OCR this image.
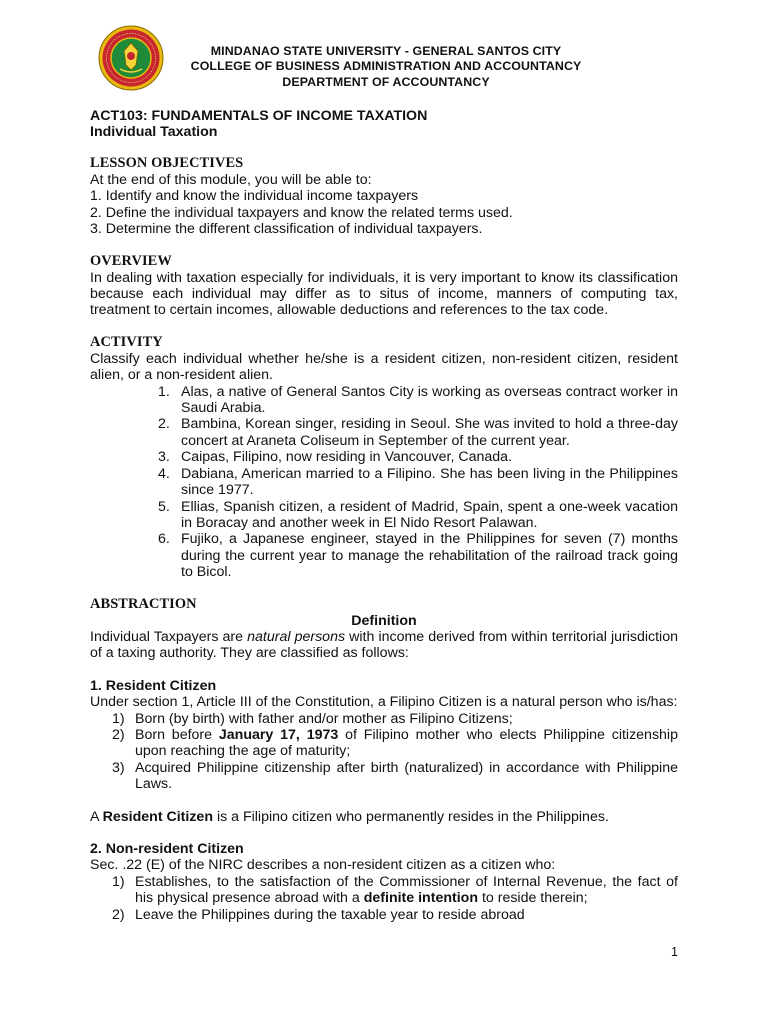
MINDANAO STATE UNIVERSITY - GENERAL SANTOS CITY
COLLEGE OF BUSINESS ADMINISTRATION AND ACCOUNTANCY
DEPARTMENT OF ACCOUNTANCY

ACT103: FUNDAMENTALS OF INCOME TAXATION

Individual Taxation

LESSON OBJECTIVES

At the end of this module, you will be able to:

1. Identify and know the individual income taxpayers

2. Define the individual taxpayers and know the related terms used.

3. Determine the different classification of individual taxpayers.

OVERVIEW

In dealing with taxation especially for individuals, it is very important to know its classification because each individual may differ as to situs of income, manners of computing tax, treatment to certain incomes, allowable deductions and references to the tax code.

ACTIVITY

Classify each individual whether he/she is a resident citizen, non-resident citizen, resident alien, or a non-resident alien.

1. Alas, a native of General Santos City is working as overseas contract worker in Saudi Arabia.
2. Bambina, Korean singer, residing in Seoul. She was invited to hold a three-day concert at Araneta Coliseum in September of the current year.
3. Caipas, Filipino, now residing in Vancouver, Canada.
4. Dabiana, American married to a Filipino. She has been living in the Philippines since 1977.
5. Ellias, Spanish citizen, a resident of Madrid, Spain, spent a one-week vacation in Boracay and another week in El Nido Resort Palawan.
6. Fujiko, a Japanese engineer, stayed in the Philippines for seven (7) months during the current year to manage the rehabilitation of the railroad track going to Bicol.

ABSTRACTION

Definition

Individual Taxpayers are natural persons with income derived from within territorial jurisdiction of a taxing authority. They are classified as follows:

1. Resident Citizen

Under section 1, Article III of the Constitution, a Filipino Citizen is a natural person who is/has:

1) Born (by birth) with father and/or mother as Filipino Citizens;
2) Born before January 17, 1973 of Filipino mother who elects Philippine citizenship upon reaching the age of maturity;
3) Acquired Philippine citizenship after birth (naturalized) in accordance with Philippine Laws.

A Resident Citizen is a Filipino citizen who permanently resides in the Philippines.

2. Non-resident Citizen

Sec. .22 (E) of the NIRC describes a non-resident citizen as a citizen who:

1) Establishes, to the satisfaction of the Commissioner of Internal Revenue, the fact of his physical presence abroad with a definite intention to reside therein;
2) Leave the Philippines during the taxable year to reside abroad
1
